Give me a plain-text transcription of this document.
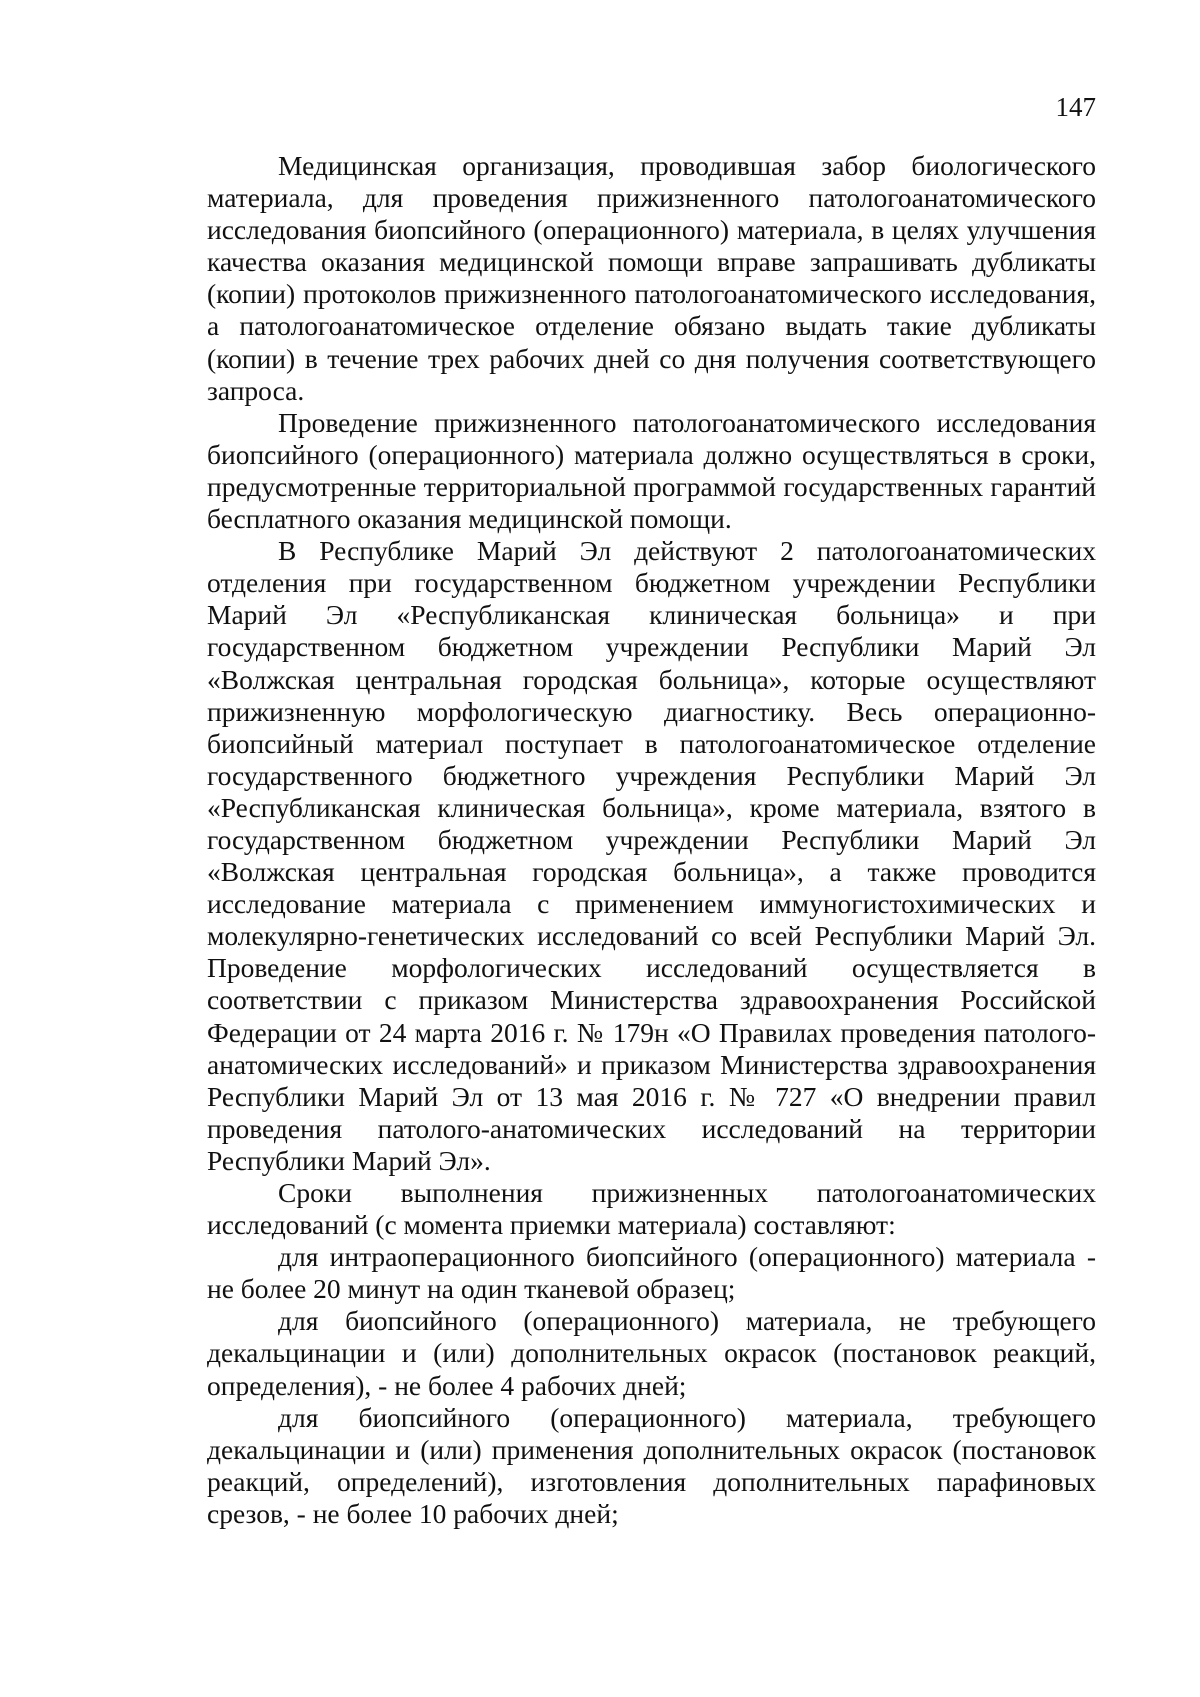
147

Медицинская организация, проводившая забор биологического материала, для проведения прижизненного патологоанатомического исследования биопсийного (операционного) материала, в целях улучшения качества оказания медицинской помощи вправе запрашивать дубликаты (копии) протоколов прижизненного патологоанатомического исследования, а патологоанатомическое отделение обязано выдать такие дубликаты (копии) в течение трех рабочих дней со дня получения соответствующего запроса.

Проведение прижизненного патологоанатомического исследования биопсийного (операционного) материала должно осуществляться в сроки, предусмотренные территориальной программой государственных гарантий бесплатного оказания медицинской помощи.

В Республике Марий Эл действуют 2 патологоанатомических отделения при государственном бюджетном учреждении Республики Марий Эл «Республиканская клиническая больница» и при государственном бюджетном учреждении Республики Марий Эл «Волжская центральная городская больница», которые осуществляют прижизненную морфологическую диагностику. Весь операционно-биопсийный материал поступает в патологоанатомическое отделение государственного бюджетного учреждения Республики Марий Эл «Республиканская клиническая больница», кроме материала, взятого в государственном бюджетном учреждении Республики Марий Эл «Волжская центральная городская больница», а также проводится исследование материала с применением иммуногистохимических и молекулярно-генетических исследований со всей Республики Марий Эл. Проведение морфологических исследований осуществляется в соответствии с приказом Министерства здравоохранения Российской Федерации от 24 марта 2016 г. № 179н «О Правилах проведения патолого-анатомических исследований» и приказом Министерства здравоохранения Республики Марий Эл от 13 мая 2016 г. № 727 «О внедрении правил проведения патолого-анатомических исследований на территории Республики Марий Эл».

Сроки выполнения прижизненных патологоанатомических исследований (с момента приемки материала) составляют:

для интраоперационного биопсийного (операционного) материала - не более 20 минут на один тканевой образец;

для биопсийного (операционного) материала, не требующего декальцинации и (или) дополнительных окрасок (постановок реакций, определения), - не более 4 рабочих дней;

для биопсийного (операционного) материала, требующего декальцинации и (или) применения дополнительных окрасок (постановок реакций, определений), изготовления дополнительных парафиновых срезов, - не более 10 рабочих дней;
